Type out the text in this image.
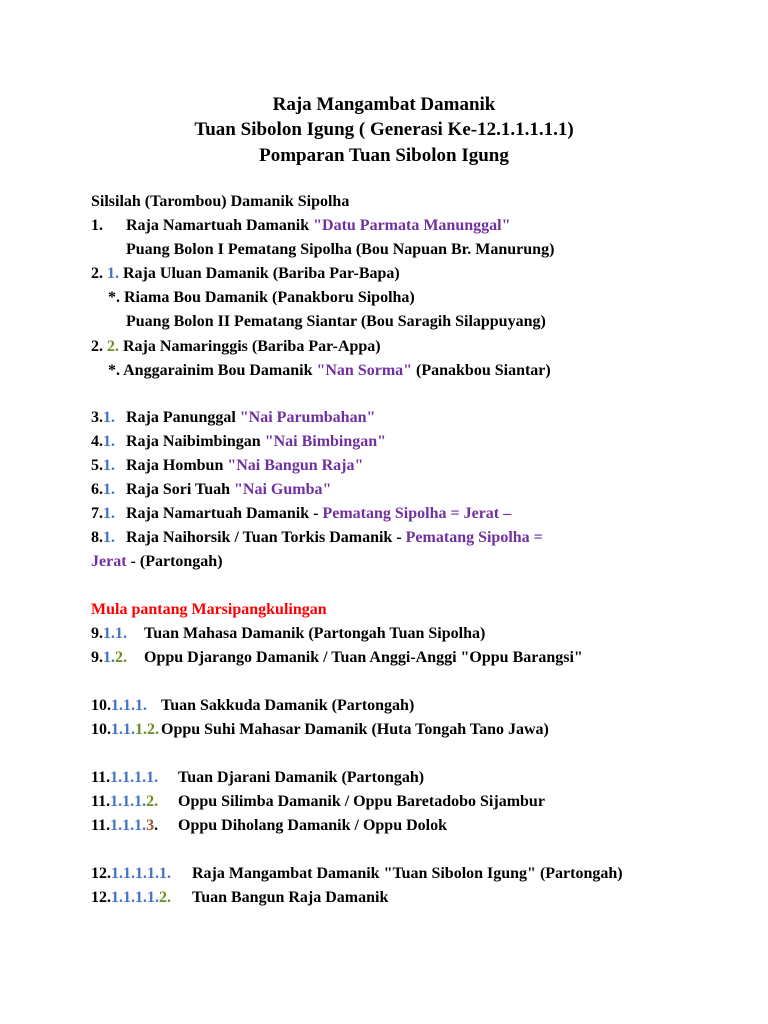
Raja Mangambat Damanik
Tuan Sibolon Igung ( Generasi Ke-12.1.1.1.1.1)
Pomparan Tuan Sibolon Igung
Silsilah (Tarombou) Damanik Sipolha
1. Raja Namartuah Damanik "Datu Parmata Manunggal"
Puang Bolon I Pematang Sipolha (Bou Napuan Br. Manurung)
2. 1. Raja Uluan Damanik (Bariba Par-Bapa)
*. Riama Bou Damanik (Panakboru Sipolha)
Puang Bolon II Pematang Siantar (Bou Saragih Silappuyang)
2. 2. Raja Namaringgis (Bariba Par-Appa)
*. Anggarainim Bou Damanik "Nan Sorma" (Panakbou Siantar)
3.1. Raja Panunggal "Nai Parumbahan"
4.1. Raja Naibimbingan "Nai Bimbingan"
5.1. Raja Hombun "Nai Bangun Raja"
6.1. Raja Sori Tuah "Nai Gumba"
7.1. Raja Namartuah Damanik - Pematang Sipolha = Jerat –
8.1. Raja Naihorsik / Tuan Torkis Damanik - Pematang Sipolha =
Jerat - (Partongah)
Mula pantang Marsipangkulingan
9.1.1. Tuan Mahasa Damanik (Partongah Tuan Sipolha)
9.1.2. Oppu Djarango Damanik / Tuan Anggi-Anggi "Oppu Barangsi"
10.1.1.1. Tuan Sakkuda Damanik (Partongah)
10.1.1.1.2. Oppu Suhi Mahasar Damanik (Huta Tongah Tano Jawa)
11.1.1.1.1. Tuan Djarani Damanik (Partongah)
11.1.1.1.2. Oppu Silimba Damanik / Oppu Baretadobo Sijambur
11.1.1.1.3. Oppu Diholang Damanik / Oppu Dolok
12.1.1.1.1.1. Raja Mangambat Damanik "Tuan Sibolon Igung" (Partongah)
12.1.1.1.1.2. Tuan Bangun Raja Damanik
